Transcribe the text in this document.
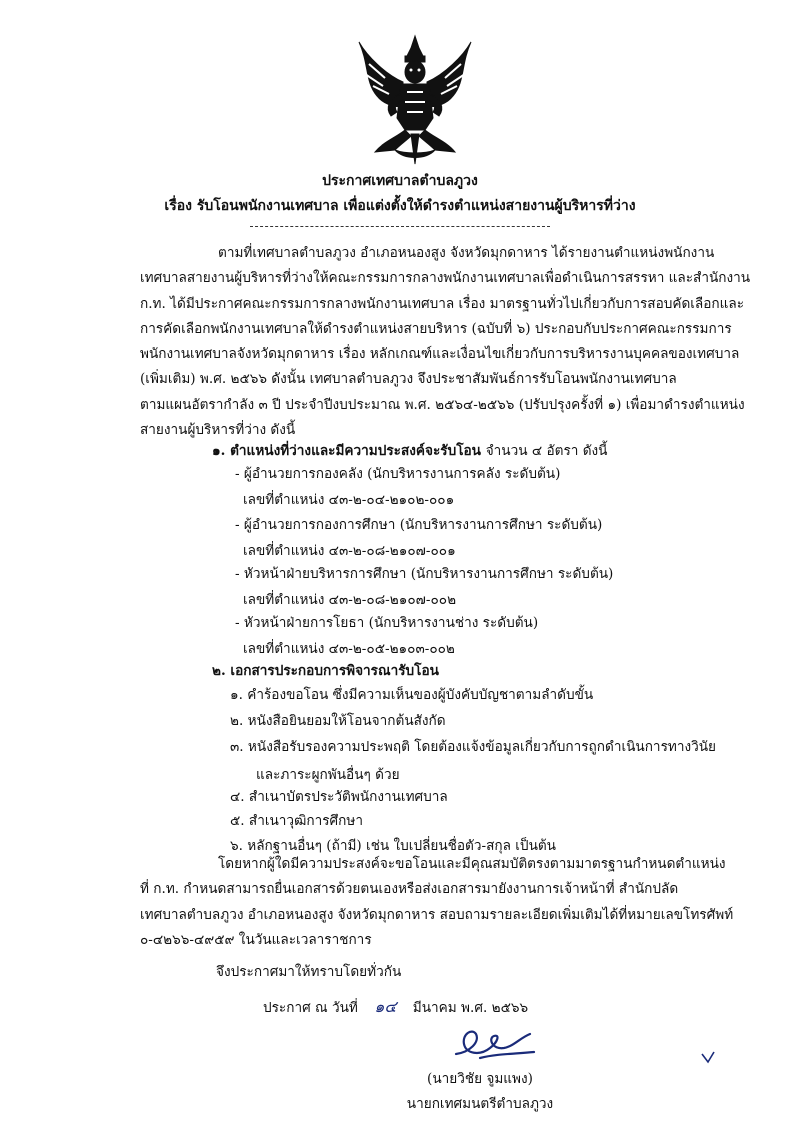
ประกาศเทศบาลตำบลภูวง
เรื่อง รับโอนพนักงานเทศบาล เพื่อแต่งตั้งให้ดำรงตำแหน่งสายงานผู้บริหารที่ว่าง
ตามที่เทศบาลตำบลภูวง อำเภอหนองสูง จังหวัดมุกดาหาร ได้รายงานตำแหน่งพนักงาน
เทศบาลสายงานผู้บริหารที่ว่างให้คณะกรรมการกลางพนักงานเทศบาลเพื่อดำเนินการสรรหา และสำนักงาน
ก.ท. ได้มีประกาศคณะกรรมการกลางพนักงานเทศบาล เรื่อง มาตรฐานทั่วไปเกี่ยวกับการสอบคัดเลือกและ
การคัดเลือกพนักงานเทศบาลให้ดำรงตำแหน่งสายบริหาร (ฉบับที่ ๖) ประกอบกับประกาศคณะกรรมการ
พนักงานเทศบาลจังหวัดมุกดาหาร เรื่อง หลักเกณฑ์และเงื่อนไขเกี่ยวกับการบริหารงานบุคคลของเทศบาล
(เพิ่มเติม) พ.ศ. ๒๕๖๖ ดังนั้น เทศบาลตำบลภูวง จึงประชาสัมพันธ์การรับโอนพนักงานเทศบาล
ตามแผนอัตรากำลัง ๓ ปี ประจำปีงบประมาณ พ.ศ. ๒๕๖๔-๒๕๖๖ (ปรับปรุงครั้งที่ ๑) เพื่อมาดำรงตำแหน่ง
สายงานผู้บริหารที่ว่าง ดังนี้
๑. ตำแหน่งที่ว่างและมีความประสงค์จะรับโอน จำนวน ๔ อัตรา ดังนี้
- ผู้อำนวยการกองคลัง (นักบริหารงานการคลัง ระดับต้น)
เลขที่ตำแหน่ง ๔๓-๒-๐๔-๒๑๐๒-๐๐๑
- ผู้อำนวยการกองการศึกษา (นักบริหารงานการศึกษา ระดับต้น)
เลขที่ตำแหน่ง ๔๓-๒-๐๘-๒๑๐๗-๐๐๑
- หัวหน้าฝ่ายบริหารการศึกษา (นักบริหารงานการศึกษา ระดับต้น)
เลขที่ตำแหน่ง ๔๓-๒-๐๘-๒๑๐๗-๐๐๒
- หัวหน้าฝ่ายการโยธา (นักบริหารงานช่าง ระดับต้น)
เลขที่ตำแหน่ง ๔๓-๒-๐๕-๒๑๐๓-๐๐๒
๒. เอกสารประกอบการพิจารณารับโอน
๑. คำร้องขอโอน ซึ่งมีความเห็นของผู้บังคับบัญชาตามลำดับขั้น
๒. หนังสือยินยอมให้โอนจากต้นสังกัด
๓. หนังสือรับรองความประพฤติ โดยต้องแจ้งข้อมูลเกี่ยวกับการถูกดำเนินการทางวินัย
และภาระผูกพันอื่นๆ ด้วย
๔. สำเนาบัตรประวัติพนักงานเทศบาล
๕. สำเนาวุฒิการศึกษา
๖. หลักฐานอื่นๆ (ถ้ามี) เช่น ใบเปลี่ยนชื่อตัว-สกุล เป็นต้น
โดยหากผู้ใดมีความประสงค์จะขอโอนและมีคุณสมบัติตรงตามมาตรฐานกำหนดตำแหน่ง
ที่ ก.ท. กำหนดสามารถยื่นเอกสารด้วยตนเองหรือส่งเอกสารมายังงานการเจ้าหน้าที่ สำนักปลัด
เทศบาลตำบลภูวง อำเภอหนองสูง จังหวัดมุกดาหาร สอบถามรายละเอียดเพิ่มเติมได้ที่หมายเลขโทรศัพท์
๐-๔๒๖๖-๔๙๕๙ ในวันและเวลาราชการ
จึงประกาศมาให้ทราบโดยทั่วกัน
ประกาศ ณ วันที่ ๑๔ มีนาคม พ.ศ. ๒๕๖๖
(นายวิชัย จูมแพง)
นายกเทศมนตรีตำบลภูวง
